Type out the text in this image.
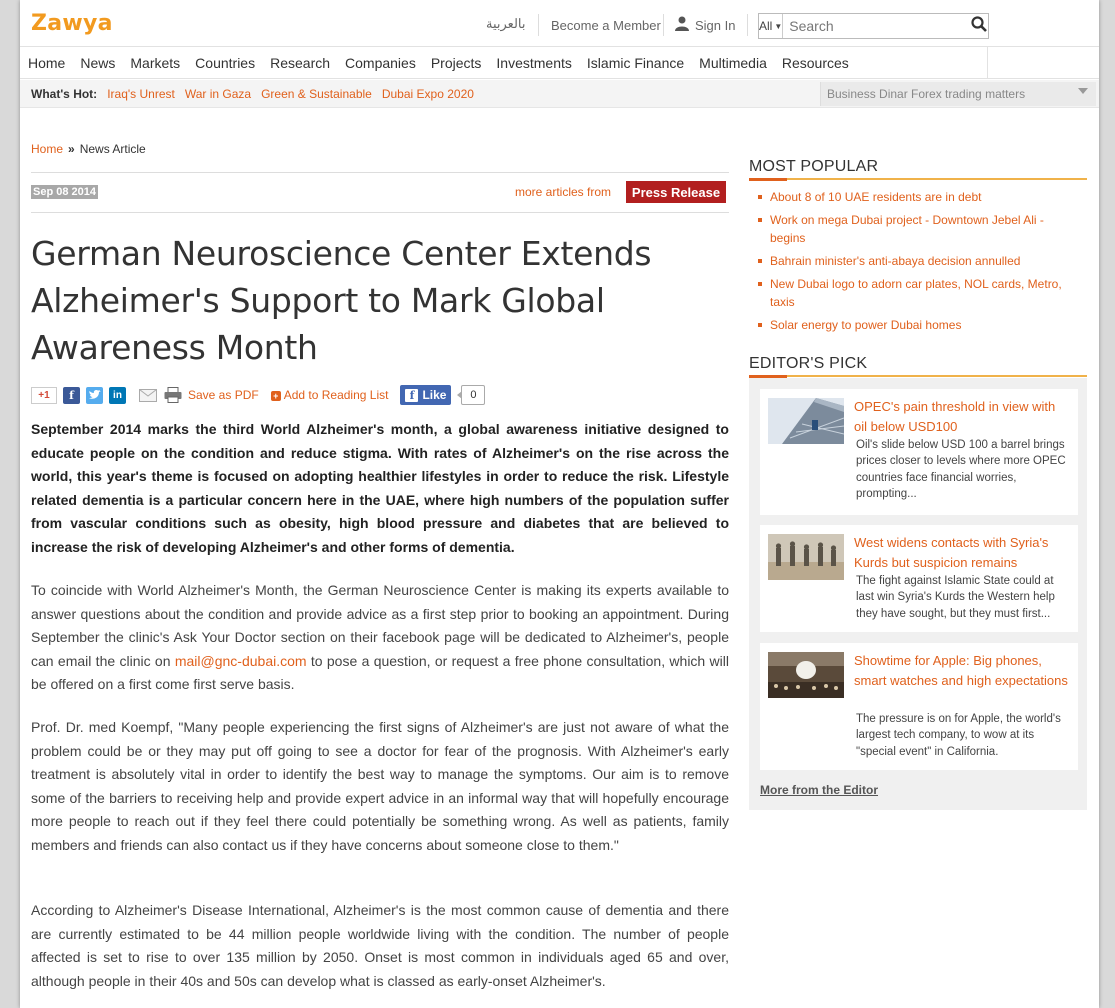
Zawya	بالعربية Become a Member	Sign In All ▼
Search
Home News Markets Countries Research Companies Projects Investments Islamic Finance Multimedia Resources
What's Hot: Iraq's Unrest War in Gaza Green & Sustainable Dubai Expo 2020	Business Dinar Forex trading matters
Home » News Article
Sep 08 2014	more articles from	Press Release
German Neuroscience Center Extends Alzheimer's Support to Mark Global Awareness Month
+1	f	in	Save as PDF + Add to Reading List	f Like	0

September 2014 marks the third World Alzheimer's month, a global awareness initiative designed to educate people on the condition and reduce stigma. With rates of Alzheimer's on the rise across the world, this year's theme is focused on adopting healthier lifestyles in order to reduce the risk. Lifestyle related dementia is a particular concern here in the UAE, where high numbers of the population suffer from vascular conditions such as obesity, high blood pressure and diabetes that are believed to increase the risk of developing Alzheimer's and other forms of dementia.

To coincide with World Alzheimer's Month, the German Neuroscience Center is making its experts available to answer questions about the condition and provide advice as a first step prior to booking an appointment. During September the clinic's Ask Your Doctor section on their facebook page will be dedicated to Alzheimer's, people can email the clinic on mail@gnc-dubai.com to pose a question, or request a free phone consultation, which will be offered on a first come first serve basis.

Prof. Dr. med Koempf, "Many people experiencing the first signs of Alzheimer's are just not aware of what the problem could be or they may put off going to see a doctor for fear of the prognosis. With Alzheimer's early treatment is absolutely vital in order to identify the best way to manage the symptoms. Our aim is to remove some of the barriers to receiving help and provide expert advice in an informal way that will hopefully encourage more people to reach out if they feel there could potentially be something wrong. As well as patients, family members and friends can also contact us if they have concerns about someone close to them."

According to Alzheimer's Disease International, Alzheimer's is the most common cause of dementia and there are currently estimated to be 44 million people worldwide living with the condition. The number of people affected is set to rise to over 135 million by 2050. Onset is most common in individuals aged 65 and over, although people in their 40s and 50s can develop what is classed as early-onset Alzheimer's.

MOST POPULAR
About 8 of 10 UAE residents are in debt
Work on mega Dubai project - Downtown Jebel Ali - begins
Bahrain minister's anti-abaya decision annulled
New Dubai logo to adorn car plates, NOL cards, Metro, taxis
Solar energy to power Dubai homes
EDITOR'S PICK
OPEC's pain threshold in view with oil below USD100
Oil's slide below USD 100 a barrel brings prices closer to levels where more OPEC countries face financial worries, prompting...
West widens contacts with Syria's Kurds but suspicion remains
The fight against Islamic State could at last win Syria's Kurds the Western help they have sought, but they must first...
Showtime for Apple: Big phones, smart watches and high expectations
The pressure is on for Apple, the world's largest tech company, to wow at its "special event" in California.
More from the Editor
